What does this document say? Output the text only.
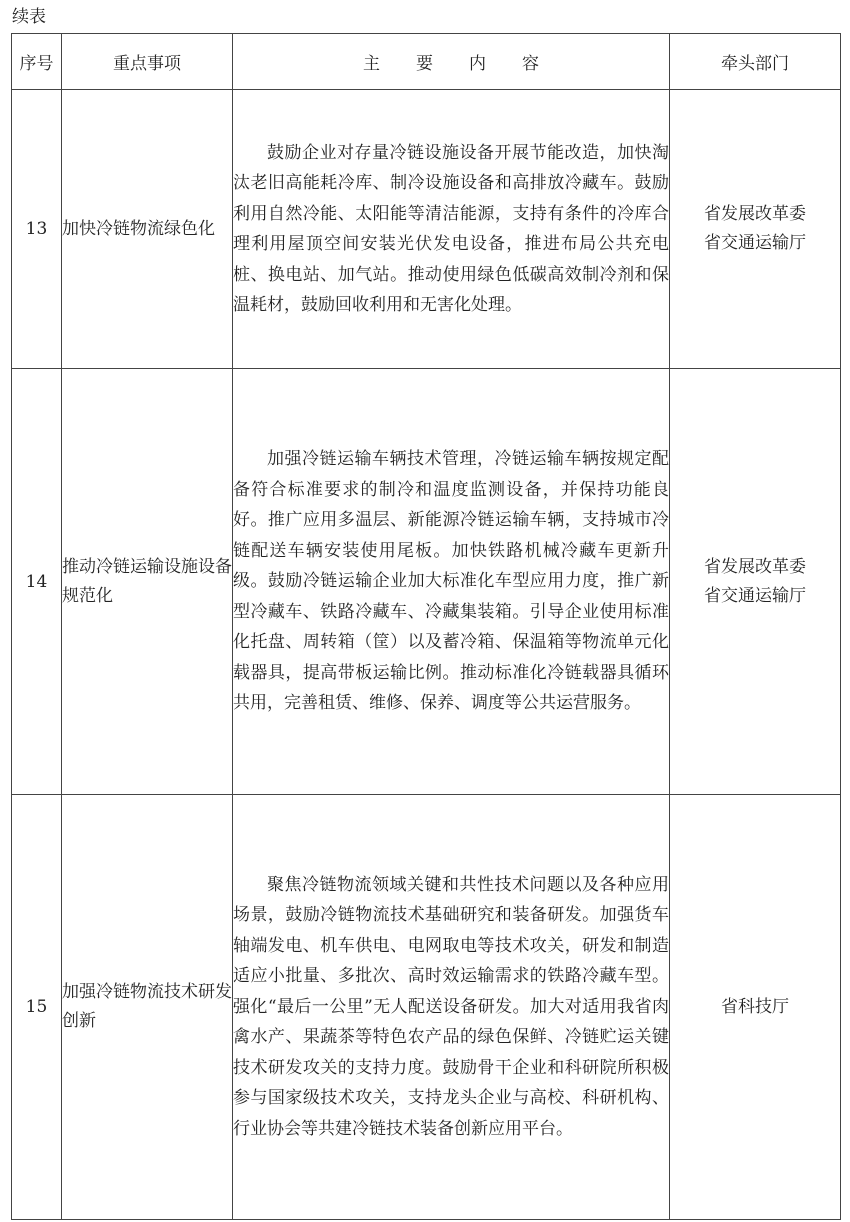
续表
序号	重点事项	主要内容	牵头部门
13	加快冷链物流绿色化	鼓励企业对存量冷链设施设备开展节能改造，加快淘汰老旧高能耗冷库、制冷设施设备和高排放冷藏车。鼓励利用自然冷能、太阳能等清洁能源，支持有条件的冷库合理利用屋顶空间安装光伏发电设备，推进布局公共充电桩、换电站、加气站。推动使用绿色低碳高效制冷剂和保温耗材，鼓励回收利用和无害化处理。	省发展改革委
省交通运输厅

14	推动冷链运输设施设备规范化	加强冷链运输车辆技术管理，冷链运输车辆按规定配备符合标准要求的制冷和温度监测设备，并保持功能良好。推广应用多温层、新能源冷链运输车辆，支持城市冷链配送车辆安装使用尾板。加快铁路机械冷藏车更新升级。鼓励冷链运输企业加大标准化车型应用力度，推广新型冷藏车、铁路冷藏车、冷藏集装箱。引导企业使用标准化托盘、周转箱（筐）以及蓄冷箱、保温箱等物流单元化载器具，提高带板运输比例。推动标准化冷链载器具循环共用，完善租赁、维修、保养、调度等公共运营服务。	省发展改革委
省交通运输厅

15	加强冷链物流技术研发创新	聚焦冷链物流领域关键和共性技术问题以及各种应用场景，鼓励冷链物流技术基础研究和装备研发。加强货车轴端发电、机车供电、电网取电等技术攻关，研发和制造适应小批量、多批次、高时效运输需求的铁路冷藏车型。强化“最后一公里”无人配送设备研发。加大对适用我省肉禽水产、果蔬茶等特色农产品的绿色保鲜、冷链贮运关键技术研发攻关的支持力度。鼓励骨干企业和科研院所积极参与国家级技术攻关，支持龙头企业与高校、科研机构、行业协会等共建冷链技术装备创新应用平台。	省科技厅
